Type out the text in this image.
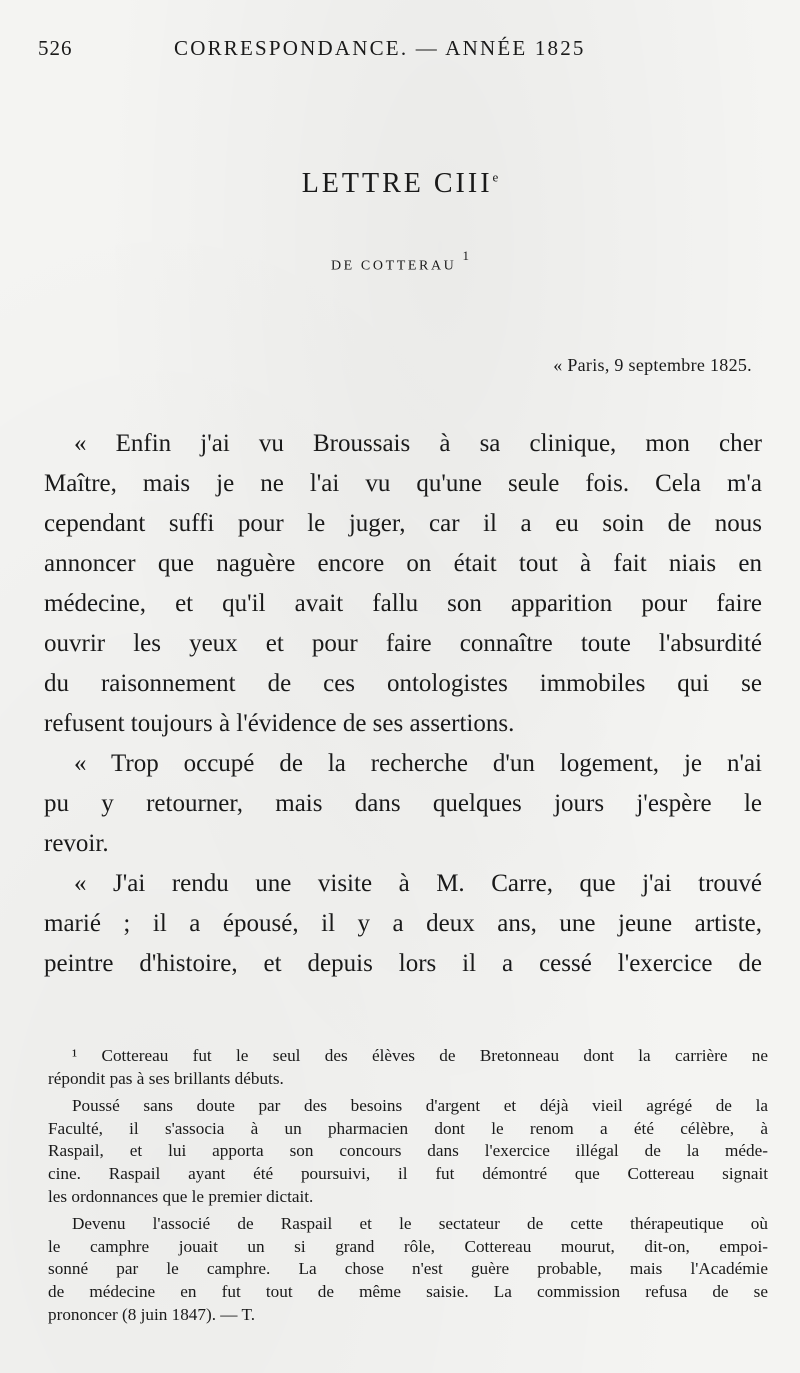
526	CORRESPONDANCE. — ANNÉE 1825
LETTRE CIIIe
DE COTTERAU $^1$
« Paris, 9 septembre 1825.
« Enfin j'ai vu Broussais à sa clinique, mon cher
Maître, mais je ne l'ai vu qu'une seule fois. Cela m'a
cependant suffi pour le juger, car il a eu soin de nous
annoncer que naguère encore on était tout à fait niais en
médecine, et qu'il avait fallu son apparition pour faire
ouvrir les yeux et pour faire connaître toute l'absurdité
du raisonnement de ces ontologistes immobiles qui se
refusent toujours à l'évidence de ses assertions.
« Trop occupé de la recherche d'un logement, je n'ai
pu y retourner, mais dans quelques jours j'espère le
revoir.
« J'ai rendu une visite à M. Carre, que j'ai trouvé
marié ; il a épousé, il y a deux ans, une jeune artiste,
peintre d'histoire, et depuis lors il a cessé l'exercice de
¹ Cottereau fut le seul des élèves de Bretonneau dont la carrière ne
répondit pas à ses brillants débuts.
Poussé sans doute par des besoins d'argent et déjà vieil agrégé de la
Faculté, il s'associa à un pharmacien dont le renom a été célèbre, à
Raspail, et lui apporta son concours dans l'exercice illégal de la méde-
cine. Raspail ayant été poursuivi, il fut démontré que Cottereau signait
les ordonnances que le premier dictait.
Devenu l'associé de Raspail et le sectateur de cette thérapeutique où
le camphre jouait un si grand rôle, Cottereau mourut, dit-on, empoi-
sonné par le camphre. La chose n'est guère probable, mais l'Académie
de médecine en fut tout de même saisie. La commission refusa de se
prononcer (8 juin 1847). — T.
